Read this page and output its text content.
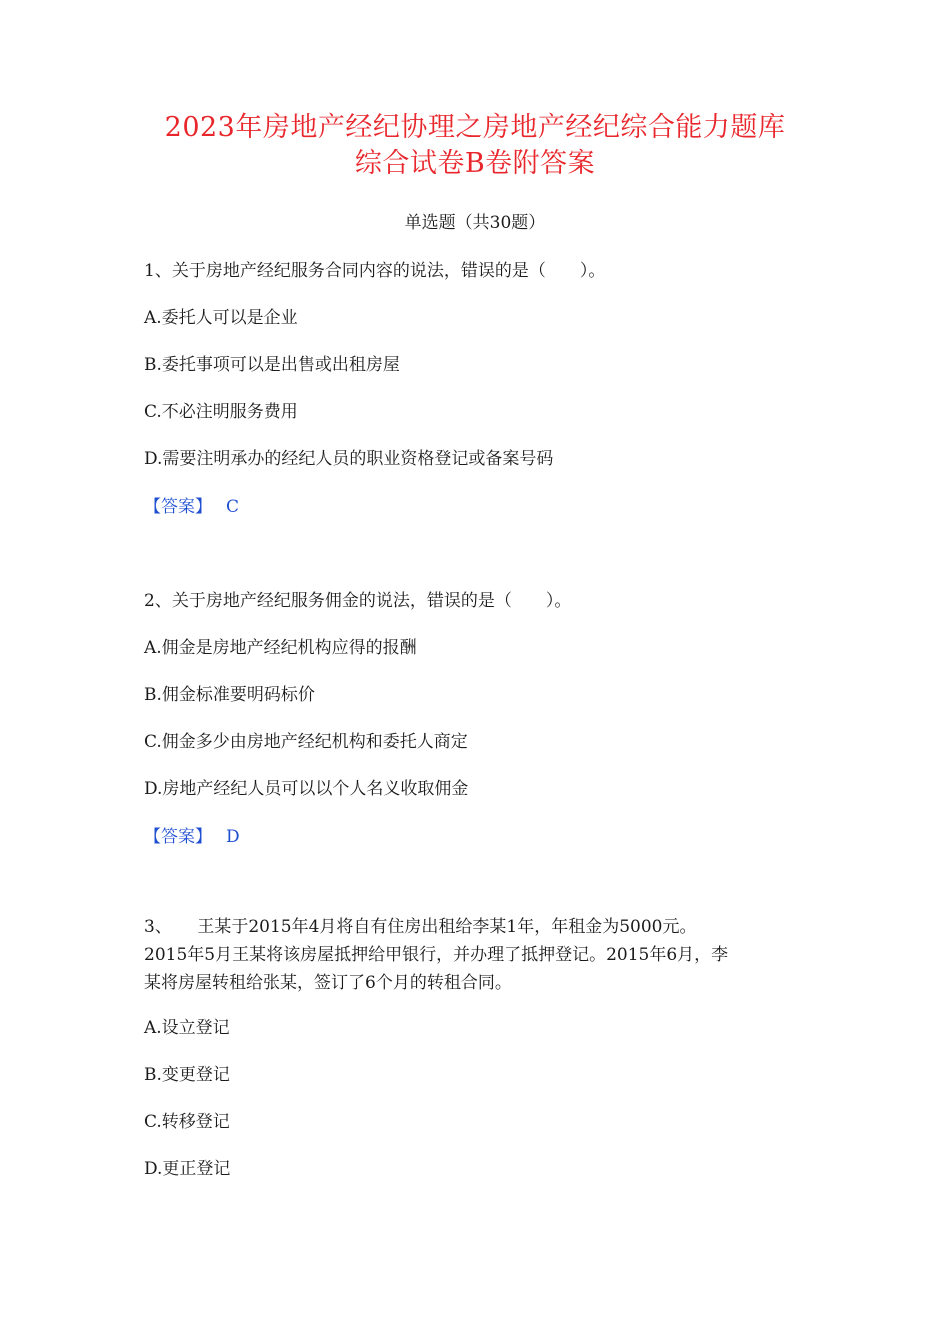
2023年房地产经纪协理之房地产经纪综合能力题库
综合试卷B卷附答案
单选题（共30题）
1、关于房地产经纪服务合同内容的说法，错误的是（　　）。
A.委托人可以是企业
B.委托事项可以是出售或出租房屋
C.不必注明服务费用
D.需要注明承办的经纪人员的职业资格登记或备案号码
【答案】 C
2、关于房地产经纪服务佣金的说法，错误的是（　　）。
A.佣金是房地产经纪机构应得的报酬
B.佣金标准要明码标价
C.佣金多少由房地产经纪机构和委托人商定
D.房地产经纪人员可以以个人名义收取佣金
【答案】 D
3、　　王某于2015年4月将自有住房出租给李某1年，年租金为5000元。
2015年5月王某将该房屋抵押给甲银行，并办理了抵押登记。2015年6月，李
某将房屋转租给张某，签订了6个月的转租合同。
A.设立登记
B.变更登记
C.转移登记
D.更正登记
